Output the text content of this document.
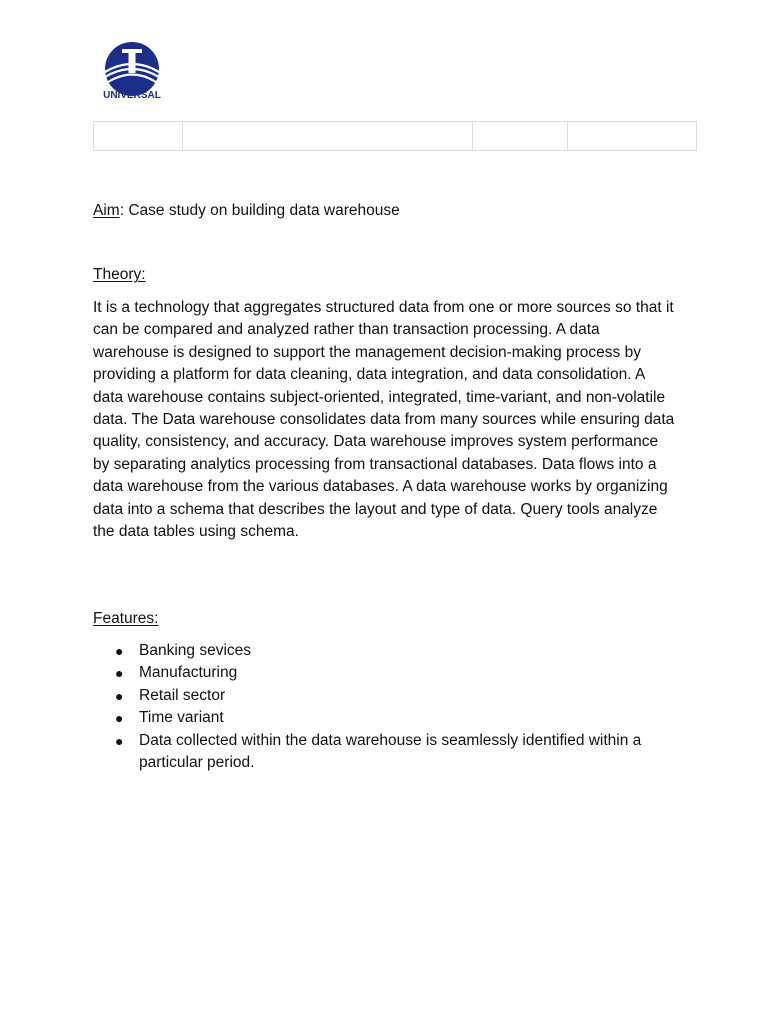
UNIVERSAL

Aim: Case study on building data warehouse
Theory:
It is a technology that aggregates structured data from one or more sources so that it can be compared and analyzed rather than transaction processing. A data warehouse is designed to support the management decision-making process by providing a platform for data cleaning, data integration, and data consolidation. A data warehouse contains subject-oriented, integrated, time-variant, and non-volatile data. The Data warehouse consolidates data from many sources while ensuring data quality, consistency, and accuracy. Data warehouse improves system performance by separating analytics processing from transactional databases. Data flows into a data warehouse from the various databases. A data warehouse works by organizing data into a schema that describes the layout and type of data. Query tools analyze the data tables using schema.
Features:
● Banking sevices
● Manufacturing
● Retail sector
● Time variant
● Data collected within the data warehouse is seamlessly identified within a particular period.
